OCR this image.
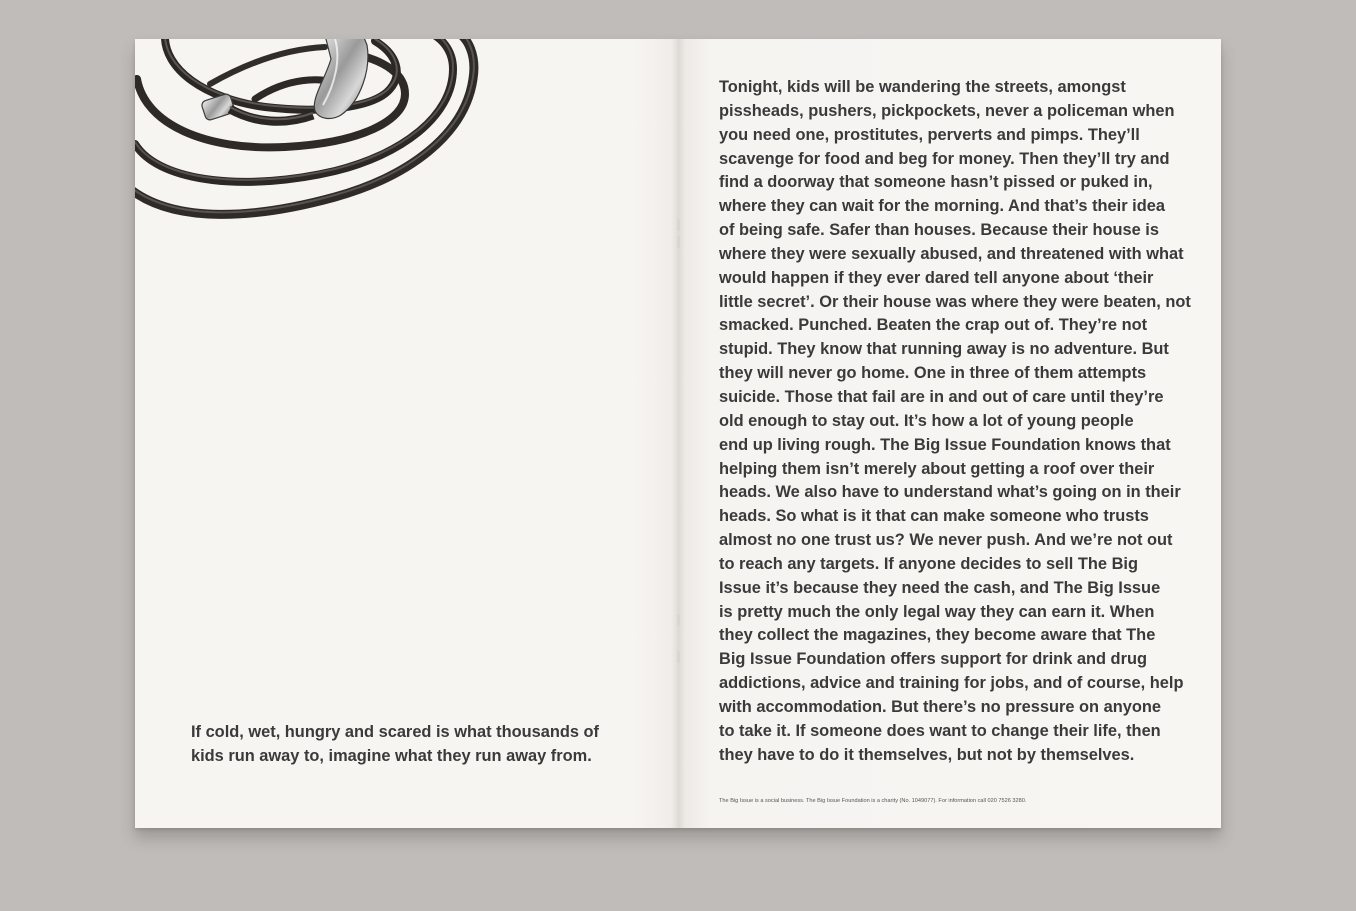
If cold, wet, hungry and scared is what thousands of kids run away to, imagine what they run away from.

Tonight, kids will be wandering the streets, amongst
pissheads, pushers, pickpockets, never a policeman when
you need one, prostitutes, perverts and pimps. They’ll
scavenge for food and beg for money. Then they’ll try and
find a doorway that someone hasn’t pissed or puked in,
where they can wait for the morning. And that’s their idea
of being safe. Safer than houses. Because their house is
where they were sexually abused, and threatened with what
would happen if they ever dared tell anyone about ‘their
little secret’. Or their house was where they were beaten, not
smacked. Punched. Beaten the crap out of. They’re not
stupid. They know that running away is no adventure. But
they will never go home. One in three of them attempts
suicide. Those that fail are in and out of care until they’re
old enough to stay out. It’s how a lot of young people
end up living rough. The Big Issue Foundation knows that
helping them isn’t merely about getting a roof over their
heads. We also have to understand what’s going on in their
heads. So what is it that can make someone who trusts
almost no one trust us? We never push. And we’re not out
to reach any targets. If anyone decides to sell The Big
Issue it’s because they need the cash, and The Big Issue
is pretty much the only legal way they can earn it. When
they collect the magazines, they become aware that The
Big Issue Foundation offers support for drink and drug
addictions, advice and training for jobs, and of course, help
with accommodation. But there’s no pressure on anyone
to take it. If someone does want to change their life, then
they have to do it themselves, but not by themselves.

The Big Issue is a social business. The Big Issue Foundation is a charity (No. 1049077). For information call 020 7526 3280.
